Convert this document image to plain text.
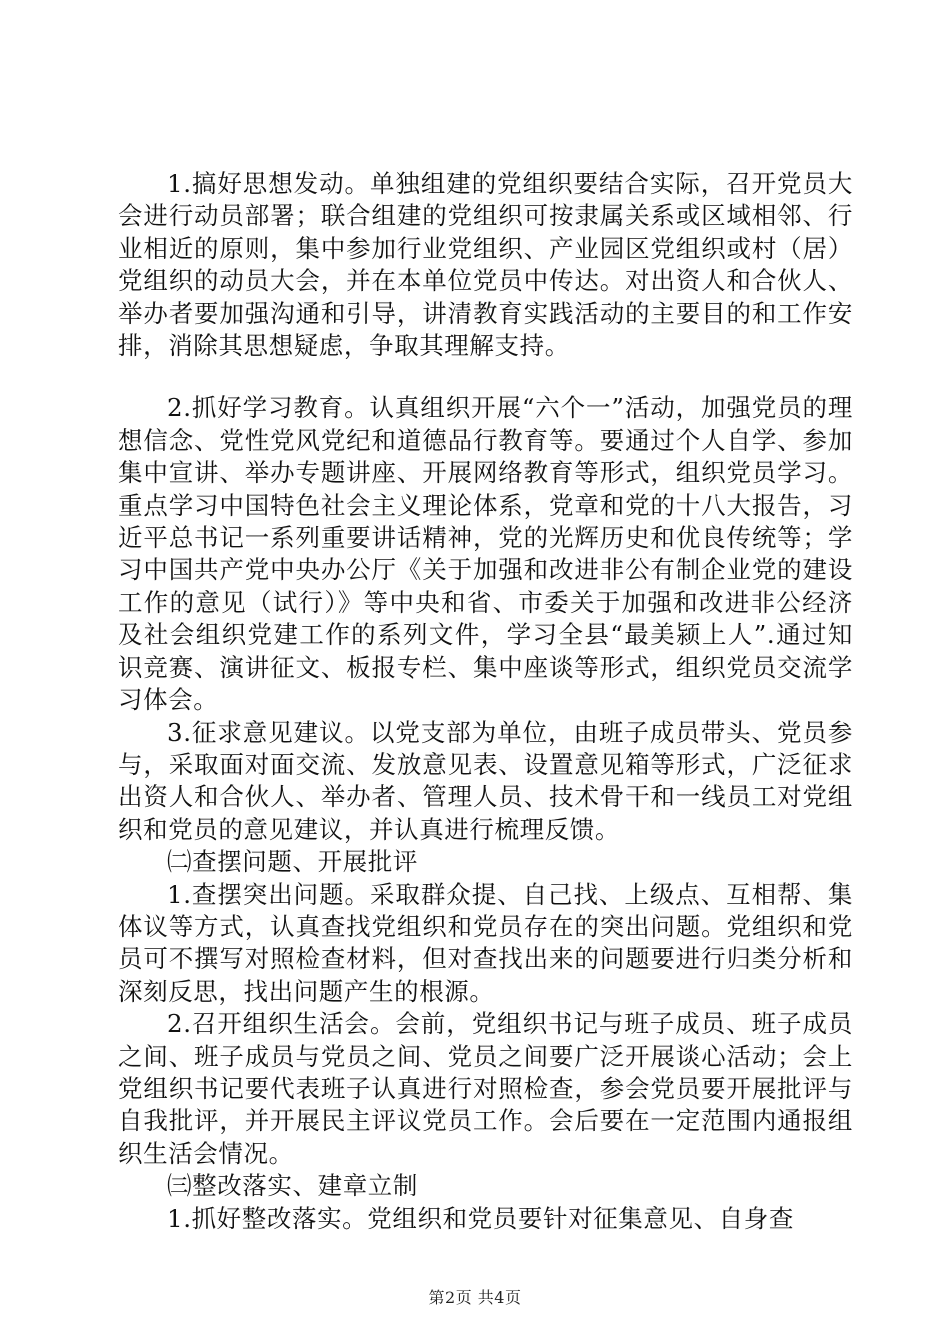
1.搞好思想发动。单独组建的党组织要结合实际，召开党员大会进行动员部署；联合组建的党组织可按隶属关系或区域相邻、行业相近的原则，集中参加行业党组织、产业园区党组织或村（居）党组织的动员大会，并在本单位党员中传达。对出资人和合伙人、举办者要加强沟通和引导，讲清教育实践活动的主要目的和工作安排，消除其思想疑虑，争取其理解支持。

2.抓好学习教育。认真组织开展“六个一”活动，加强党员的理想信念、党性党风党纪和道德品行教育等。要通过个人自学、参加集中宣讲、举办专题讲座、开展网络教育等形式，组织党员学习。重点学习中国特色社会主义理论体系，党章和党的十八大报告，习近平总书记一系列重要讲话精神，党的光辉历史和优良传统等；学习中国共产党中央办公厅《关于加强和改进非公有制企业党的建设工作的意见（试行）》等中央和省、市委关于加强和改进非公经济及社会组织党建工作的系列文件，学习全县“最美颍上人”.通过知识竞赛、演讲征文、板报专栏、集中座谈等形式，组织党员交流学习体会。

3.征求意见建议。以党支部为单位，由班子成员带头、党员参与，采取面对面交流、发放意见表、设置意见箱等形式，广泛征求出资人和合伙人、举办者、管理人员、技术骨干和一线员工对党组织和党员的意见建议，并认真进行梳理反馈。

㈡查摆问题、开展批评

1.查摆突出问题。采取群众提、自己找、上级点、互相帮、集体议等方式，认真查找党组织和党员存在的突出问题。党组织和党员可不撰写对照检查材料，但对查找出来的问题要进行归类分析和深刻反思，找出问题产生的根源。

2.召开组织生活会。会前，党组织书记与班子成员、班子成员之间、班子成员与党员之间、党员之间要广泛开展谈心活动；会上党组织书记要代表班子认真进行对照检查，参会党员要开展批评与自我批评，并开展民主评议党员工作。会后要在一定范围内通报组织生活会情况。

㈢整改落实、建章立制

1.抓好整改落实。党组织和党员要针对征集意见、自身查

第2页 共4页
